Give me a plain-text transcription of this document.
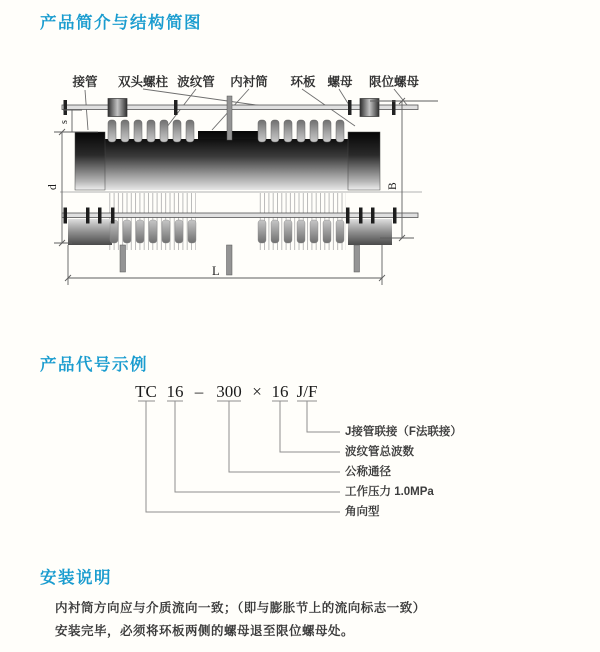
产品简介与结构简图
接管 双头螺柱 波纹管 内衬筒 环板 螺母 限位螺母
s
d	B
L
产品代号示例
TC 16 – 300 × 16 J/F
J接管联接（F法联接）
波纹管总波数
公称通径
工作压力 1.0MPa
角向型
安装说明

内衬筒方向应与介质流向一致；（即与膨胀节上的流向标志一致）

安装完毕，必须将环板两侧的螺母退至限位螺母处。
